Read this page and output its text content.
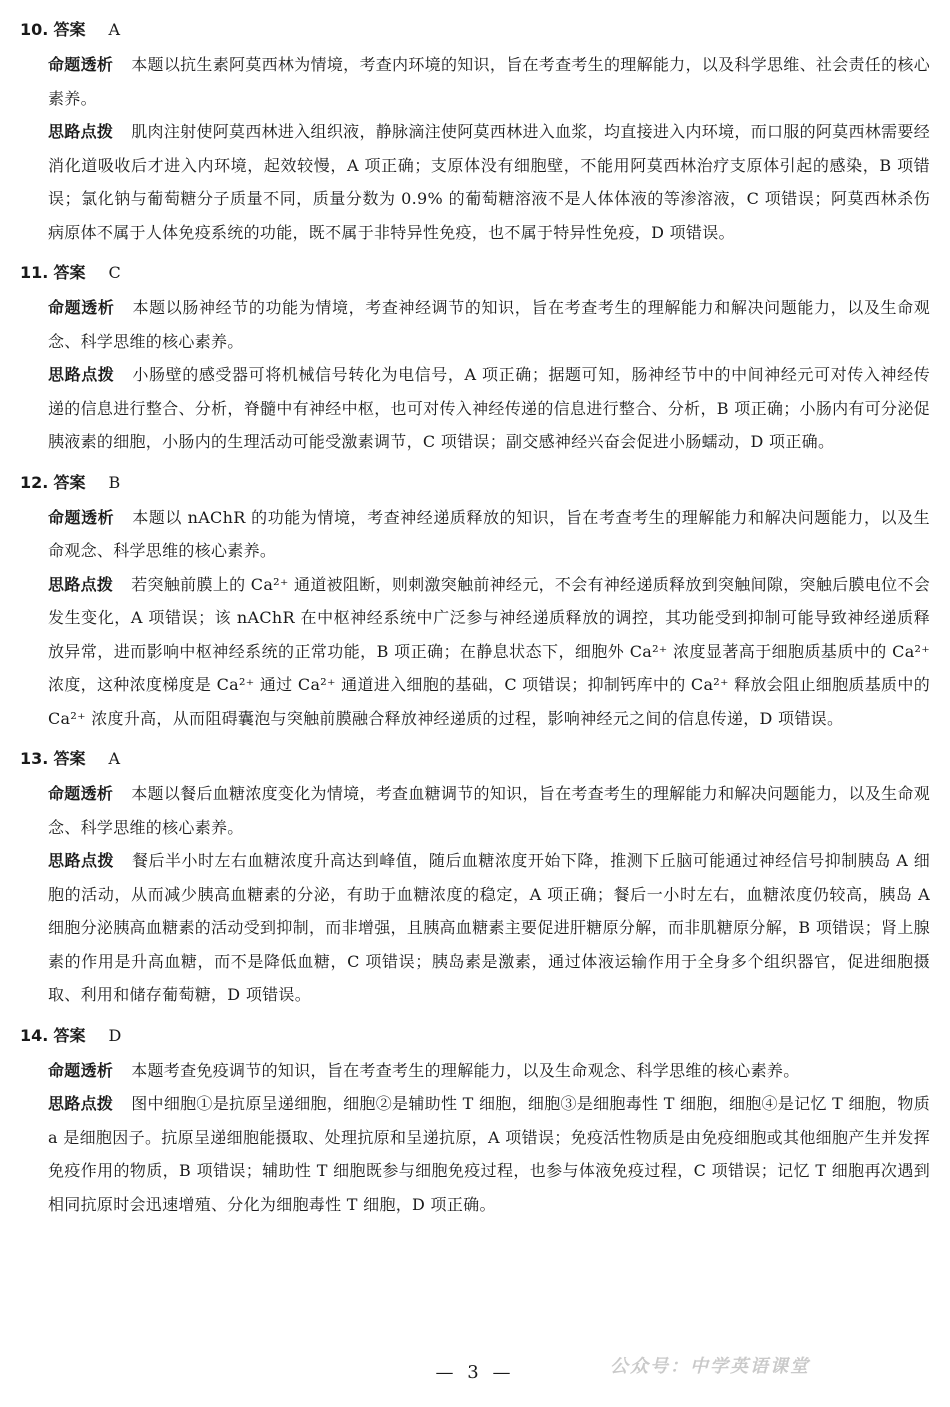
10. 答案 A
命题透析 本题以抗生素阿莫西林为情境，考查内环境的知识，旨在考查考生的理解能力，以及科学思维、社会责任的核心素养。
思路点拨 肌肉注射使阿莫西林进入组织液，静脉滴注使阿莫西林进入血浆，均直接进入内环境，而口服的阿莫西林需要经消化道吸收后才进入内环境，起效较慢，A 项正确；支原体没有细胞壁，不能用阿莫西林治疗支原体引起的感染，B 项错误；氯化钠与葡萄糖分子质量不同，质量分数为 0.9% 的葡萄糖溶液不是人体体液的等渗溶液，C 项错误；阿莫西林杀伤病原体不属于人体免疫系统的功能，既不属于非特异性免疫，也不属于特异性免疫，D 项错误。
11. 答案 C
命题透析 本题以肠神经节的功能为情境，考查神经调节的知识，旨在考查考生的理解能力和解决问题能力，以及生命观念、科学思维的核心素养。
思路点拨 小肠壁的感受器可将机械信号转化为电信号，A 项正确；据题可知，肠神经节中的中间神经元可对传入神经传递的信息进行整合、分析，脊髓中有神经中枢，也可对传入神经传递的信息进行整合、分析，B 项正确；小肠内有可分泌促胰液素的细胞，小肠内的生理活动可能受激素调节，C 项错误；副交感神经兴奋会促进小肠蠕动，D 项正确。
12. 答案 B
命题透析 本题以 nAChR 的功能为情境，考查神经递质释放的知识，旨在考查考生的理解能力和解决问题能力，以及生命观念、科学思维的核心素养。
思路点拨 若突触前膜上的 Ca²⁺ 通道被阻断，则刺激突触前神经元，不会有神经递质释放到突触间隙，突触后膜电位不会发生变化，A 项错误；该 nAChR 在中枢神经系统中广泛参与神经递质释放的调控，其功能受到抑制可能导致神经递质释放异常，进而影响中枢神经系统的正常功能，B 项正确；在静息状态下，细胞外 Ca²⁺ 浓度显著高于细胞质基质中的 Ca²⁺ 浓度，这种浓度梯度是 Ca²⁺ 通过 Ca²⁺ 通道进入细胞的基础，C 项错误；抑制钙库中的 Ca²⁺ 释放会阻止细胞质基质中的 Ca²⁺ 浓度升高，从而阻碍囊泡与突触前膜融合释放神经递质的过程，影响神经元之间的信息传递，D 项错误。
13. 答案 A
命题透析 本题以餐后血糖浓度变化为情境，考查血糖调节的知识，旨在考查考生的理解能力和解决问题能力，以及生命观念、科学思维的核心素养。
思路点拨 餐后半小时左右血糖浓度升高达到峰值，随后血糖浓度开始下降，推测下丘脑可能通过神经信号抑制胰岛 A 细胞的活动，从而减少胰高血糖素的分泌，有助于血糖浓度的稳定，A 项正确；餐后一小时左右，血糖浓度仍较高，胰岛 A 细胞分泌胰高血糖素的活动受到抑制，而非增强，且胰高血糖素主要促进肝糖原分解，而非肌糖原分解，B 项错误；肾上腺素的作用是升高血糖，而不是降低血糖，C 项错误；胰岛素是激素，通过体液运输作用于全身多个组织器官，促进细胞摄取、利用和储存葡萄糖，D 项错误。
14. 答案 D
命题透析 本题考查免疫调节的知识，旨在考查考生的理解能力，以及生命观念、科学思维的核心素养。
思路点拨 图中细胞①是抗原呈递细胞，细胞②是辅助性 T 细胞，细胞③是细胞毒性 T 细胞，细胞④是记忆 T 细胞，物质 a 是细胞因子。抗原呈递细胞能摄取、处理抗原和呈递抗原，A 项错误；免疫活性物质是由免疫细胞或其他细胞产生并发挥免疫作用的物质，B 项错误；辅助性 T 细胞既参与细胞免疫过程，也参与体液免疫过程，C 项错误；记忆 T 细胞再次遇到相同抗原时会迅速增殖、分化为细胞毒性 T 细胞，D 项正确。
— 3 —	公众号：中学英语课堂
